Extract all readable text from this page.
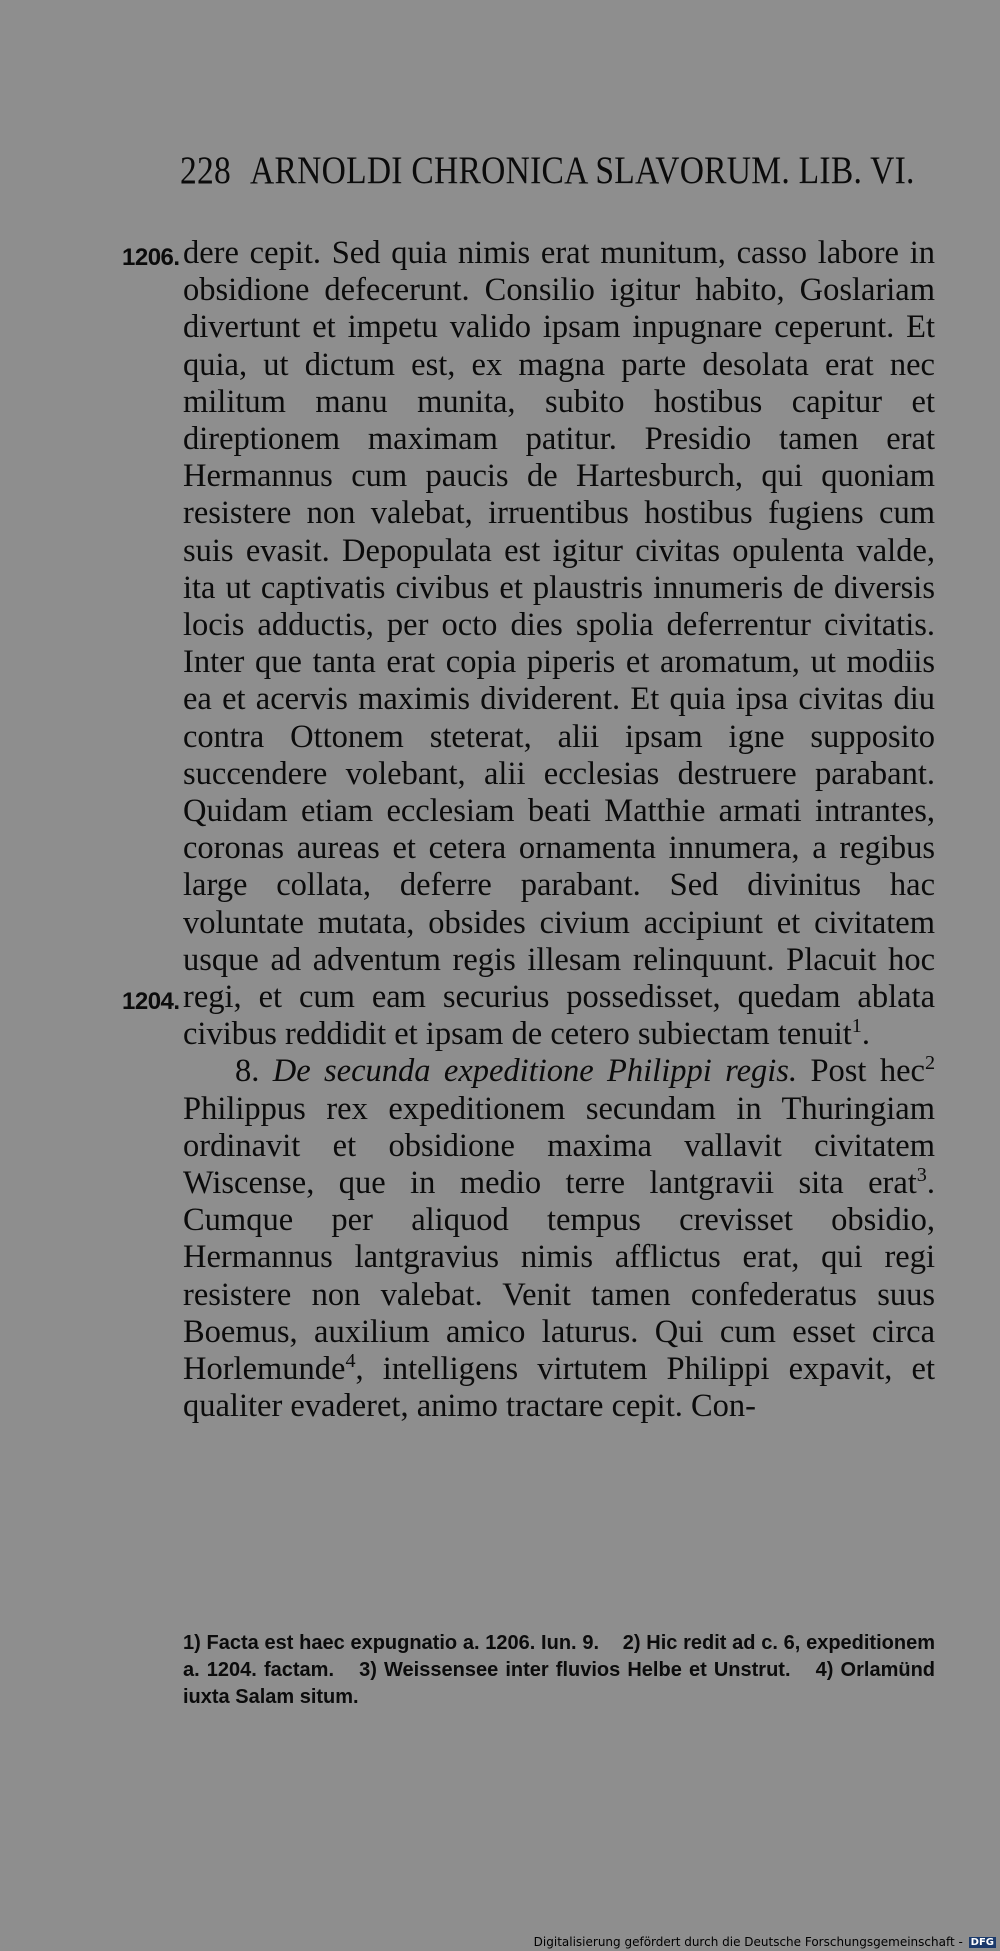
228 ARNOLDI CHRONICA SLAVORUM. LIB. VI.
1206.
1204.

dere cepit. Sed quia nimis erat munitum, casso labore in obsidione defecerunt. Consilio igitur habito, Goslariam divertunt et impetu valido ipsam inpugnare ceperunt. Et quia, ut dictum est, ex magna parte desolata erat nec militum manu munita, subito hostibus capitur et direptionem maximam patitur. Presidio tamen erat Hermannus cum paucis de Hartesburch, qui quoniam resistere non valebat, irruentibus hostibus fugiens cum suis evasit. Depopulata est igitur civitas opulenta valde, ita ut captivatis civibus et plaustris innumeris de diversis locis adductis, per octo dies spolia deferrentur civitatis. Inter que tanta erat copia piperis et aromatum, ut modiis ea et acervis maximis dividerent. Et quia ipsa civitas diu contra Ottonem steterat, alii ipsam igne supposito succendere volebant, alii ecclesias destruere parabant. Quidam etiam ecclesiam beati Matthie armati intrantes, coronas aureas et cetera ornamenta innumera, a regibus large collata, deferre parabant. Sed divinitus hac voluntate mutata, obsides civium accipiunt et civitatem usque ad adventum regis illesam relinquunt. Placuit hoc regi, et cum eam securius possedisset, quedam ablata civibus reddidit et ipsam de cetero subiectam tenuit$^1$.

8. De secunda expeditione Philippi regis. Post hec$^2$ Philippus rex expeditionem secundam in Thuringiam ordinavit et obsidione maxima vallavit civitatem Wiscense, que in medio terre lantgravii sita erat$^3$. Cumque per aliquod tempus crevisset obsidio, Hermannus lantgravius nimis afflictus erat, qui regi resistere non valebat. Venit tamen confederatus suus Boemus, auxilium amico laturus. Qui cum esset circa Horlemunde$^4$, intelligens virtutem Philippi expavit, et qualiter evaderet, animo tractare cepit. Con-

1) Facta est haec expugnatio a. 1206. Iun. 9. 2) Hic redit ad c. 6, expeditionem a. 1204. factam. 3) Weissensee inter fluvios Helbe et Unstrut. 4) Orlamünd iuxta Salam situm.
Digitalisierung gefördert durch die Deutsche Forschungsgemeinschaft - DFG
